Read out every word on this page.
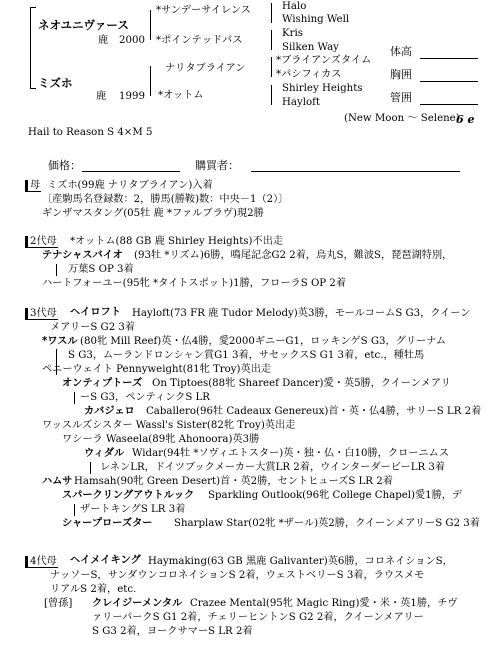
ネオユニヴァース
鹿 2000
ミズホ
鹿 1999
*サンデーサイレンス
*ポインテッドパス
ナリタブライアン
*オットム
Halo
Wishing Well
Kris
Silken Way
*ブライアンズタイム
*パシフィカス
Shirley Heights
Hayloft
体高
胸囲
管囲
(New Moon ～ Selene)
6 e
Hail to Reason S 4×M 5
価格：	購買者：
母 ミズホ(99鹿 ナリタブライアン)入着
〔産駒馬名登録数：2，勝馬(勝鞍)数：中央－1（2）〕
ギンザマスタング(05牡 鹿 *ファルブラヴ)現2勝
2代母 *オットム(88 GB 鹿 Shirley Heights)不出走
テナシャスバイオ (93牡 *リズム)6勝，鳴尾記念G2 2着，烏丸S，難波S，琵琶湖特別，
万葉S OP 3着
ハートフォーユー(95牝 *タイトスポット)1勝，フローラS OP 2着
3代母 ヘイロフト Hayloft(73 FR 鹿 Tudor Melody)英3勝，モールコームS G3，クイーン
メアリーS G2 3着
*ワスル (80牝 Mill Reef)英・仏4勝，愛2000ギニーG1，ロッキンゲS G3，グリーナム
S G3，ムーランドロンシャン賞G1 3着，サセックスS G1 3着，etc.，種牡馬
ペニーウェイト Pennyweight(81牝 Troy)英出走
オンティプトーズ On Tiptoes(88牝 Shareef Dancer)愛・英5勝，クイーンメアリ
ーS G3，ペンティンクS LR
カバジェロ Caballero(96牡 Cadeaux Genereux)首・英・仏4勝，サリーS LR 2着
ワッスルズシスター Wassl's Sister(82牝 Troy)英出走
ワシーラ Waseela(89牝 Ahonoora)英3勝
ウィダル Widar(94牡 *ソヴィエトスター)英・独・仏・白10勝，クローニムス
レネンLR，ドイツブックメーカー大賞LR 2着，ウインターダービーLR 3着
ハムサ Hamsah(90牝 Green Desert)首・英2勝，セントヒューズS LR 2着
スパークリングアウトルック Sparkling Outlook(96牝 College Chapel)愛1勝，デ
ザートキングS LR 3着
シャープローズター Sharplaw Star(02牝 *ザール)英2勝，クイーンメアリーS G2 3着
4代母 ヘイメイキング Haymaking(63 GB 黒鹿 Galivanter)英6勝，コロネイションS，
ナッソーS，サンダウンコロネイションS 2着，ウェストベリーS 3着，ラウスメモ
リアルS 2着，etc.
[曾孫] クレイジーメンタル Crazee Mental(95牝 Magic Ring)愛・米・英1勝，チヴ
ァリーパークS G1 2着，チェリーヒントンS G2 2着，クイーンメアリー
S G3 2着，ヨークサマーS LR 2着
